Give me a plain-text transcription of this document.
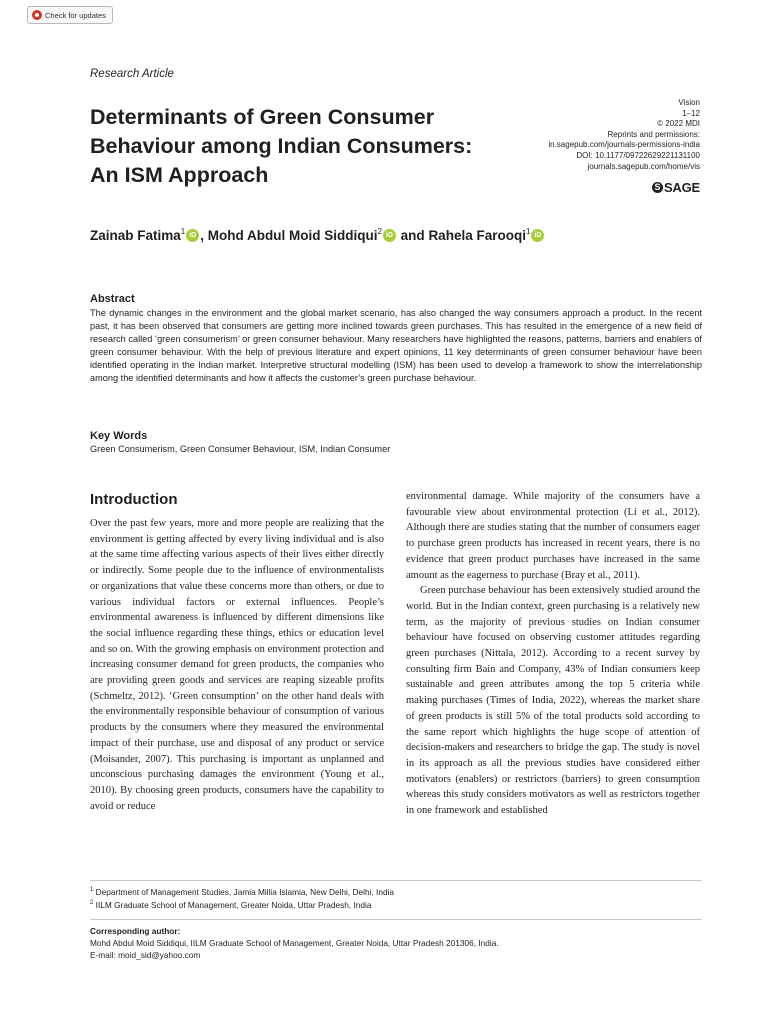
Check for updates
Research Article
Determinants of Green Consumer
Behaviour among Indian Consumers:
An ISM Approach
Vision
1–12
© 2022 MDI
Reprints and permissions:
in.sagepub.com/journals-permissions-india
DOI: 10.1177/09722629221131100
journals.sagepub.com/home/vis
S SAGE
Zainab Fatima$^1$ iD , Mohd Abdul Moid Siddiqui$^2$ iD and Rahela Farooqi$^1$ iD
Abstract

The dynamic changes in the environment and the global market scenario, has also changed the way consumers approach a product. In the recent past, it has been observed that consumers are getting more inclined towards green purchases. This has resulted in the emergence of a new field of research called ‘green consumerism’ or green consumer behaviour. Many researchers have highlighted the reasons, patterns, barriers and enablers of green consumer behaviour. With the help of previous literature and expert opinions, 11 key determinants of green consumer behaviour have been identified operating in the Indian market. Interpretive structural modelling (ISM) has been used to develop a framework to show the interrelationship among the identified determinants and how it affects the customer’s green purchase behaviour.

Key Words

Green Consumerism, Green Consumer Behaviour, ISM, Indian Consumer

Introduction

Over the past few years, more and more people are realizing that the environment is getting affected by every living individual and is also at the same time affecting various aspects of their lives either directly or indirectly. Some people due to the influence of environmentalists or organizations that value these concerns more than others, or due to various individual factors or external influences. People’s environmental awareness is influenced by different dimensions like the social influence regarding these things, ethics or education level and so on. With the growing emphasis on environment protection and increasing consumer demand for green products, the companies who are providing green goods and services are reaping sizeable profits (Schmeltz, 2012). ‘Green consumption’ on the other hand deals with the environmentally responsible behaviour of consumption of various products by the consumers where they measured the environmental impact of their purchase, use and disposal of any product or service (Moisander, 2007). This purchasing is important as unplanned and unconscious purchasing damages the environment (Young et al., 2010). By choosing green products, consumers have the capability to avoid or reduce

environmental damage. While majority of the consumers have a favourable view about environmental protection (Li et al., 2012). Although there are studies stating that the number of consumers eager to purchase green products has increased in recent years, there is no evidence that green product purchases have increased in the same amount as the eagerness to purchase (Bray et al., 2011).

Green purchase behaviour has been extensively studied around the world. But in the Indian context, green purchasing is a relatively new term, as the majority of previous studies on Indian consumer behaviour have focused on observing customer attitudes regarding green purchases (Nittala, 2012). According to a recent survey by consulting firm Bain and Company, 43% of Indian consumers keep sustainable and green attributes among the top 5 criteria while making purchases (Times of India, 2022), whereas the market share of green products is still 5% of the total products sold according to the same report which highlights the huge scope of attention of decision-makers and researchers to bridge the gap. The study is novel in its approach as all the previous studies have considered either motivators (enablers) or restrictors (barriers) to green consumption whereas this study considers motivators as well as restrictors together in one framework and established

$^1$ Department of Management Studies, Jamia Millia Islamia, New Delhi, Delhi, India
$^2$ IILM Graduate School of Management, Greater Noida, Uttar Pradesh, India
Corresponding author:
Mohd Abdul Moid Siddiqui, IILM Graduate School of Management, Greater Noida, Uttar Pradesh 201306, India.
E-mail: moid_sid@yahoo.com
